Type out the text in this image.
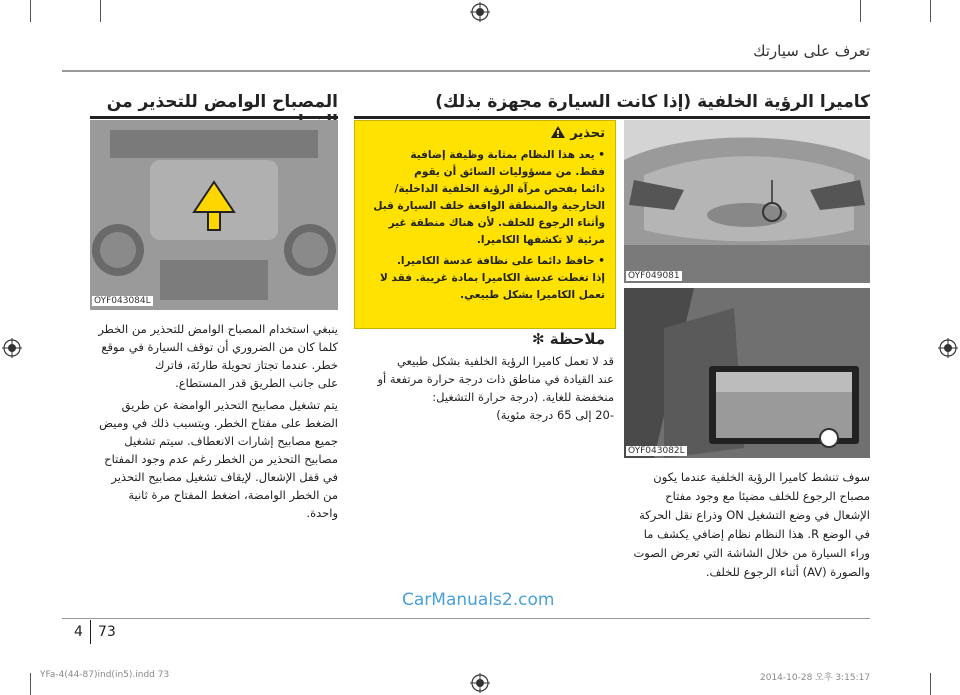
تعرف على سيارتك
كاميرا الرؤية الخلفية (إذا كانت السيارة مجهزة بذلك)
المصباح الوامض للتحذير من
OYF049081
OYF043082L
OYF043084L
تحذير
• يعد هذا النظام بمثابة وظيفة إضافية
فقط. من مسؤوليات السائق أن يقوم
دائما بفحص مرآة الرؤية الخلفية الداخلية/
الخارجية والمنطقة الواقعة خلف السيارة قبل
وأثناء الرجوع للخلف. لأن هناك منطقة غير
مرئية لا تكشفها الكاميرا.
• حافظ دائما على نظافة عدسة الكاميرا.
إذا تغطت عدسة الكاميرا بمادة غريبة. فقد لا
تعمل الكاميرا بشكل طبيعي.
ملاحظة ✻
قد لا تعمل كاميرا الرؤية الخلفية بشكل طبيعي
عند القيادة في مناطق ذات درجة حرارة مرتفعة أو
منخفضة للغاية. (درجة حرارة التشغيل:
-20 إلى 65 درجة مئوية)
سوف تنشط كاميرا الرؤية الخلفية عندما يكون
مصباح الرجوع للخلف مضيئا مع وجود مفتاح
الإشعال في وضع التشغيل ON وذراع نقل الحركة
في الوضع R. هذا النظام نظام إضافي يكشف ما
وراء السيارة من خلال الشاشة التي تعرض الصوت
والصورة (AV) أثناء الرجوع للخلف.
ينبغي استخدام المصباح الوامض للتحذير من الخطر
كلما كان من الضروري أن توقف السيارة في موقع
خطر. عندما تجتاز تحويلة طارئة، فاترك
على جانب الطريق قدر المستطاع.
يتم تشغيل مصابيح التحذير الوامضة عن طريق
الضغط على مفتاح الخطر. ويتسبب ذلك في وميض
جميع مصابيح إشارات الانعطاف. سيتم تشغيل
مصابيح التحذير من الخطر رغم عدم وجود المفتاح
في قفل الإشعال. لإيقاف تشغيل مصابيح التحذير
من الخطر الوامضة، اضغط المفتاح مرة ثانية
واحدة.
CarManuals2.com
4 73
YFa-4(44-87)ind(in5).indd 73	2014-10-28 오후 3:15:17
